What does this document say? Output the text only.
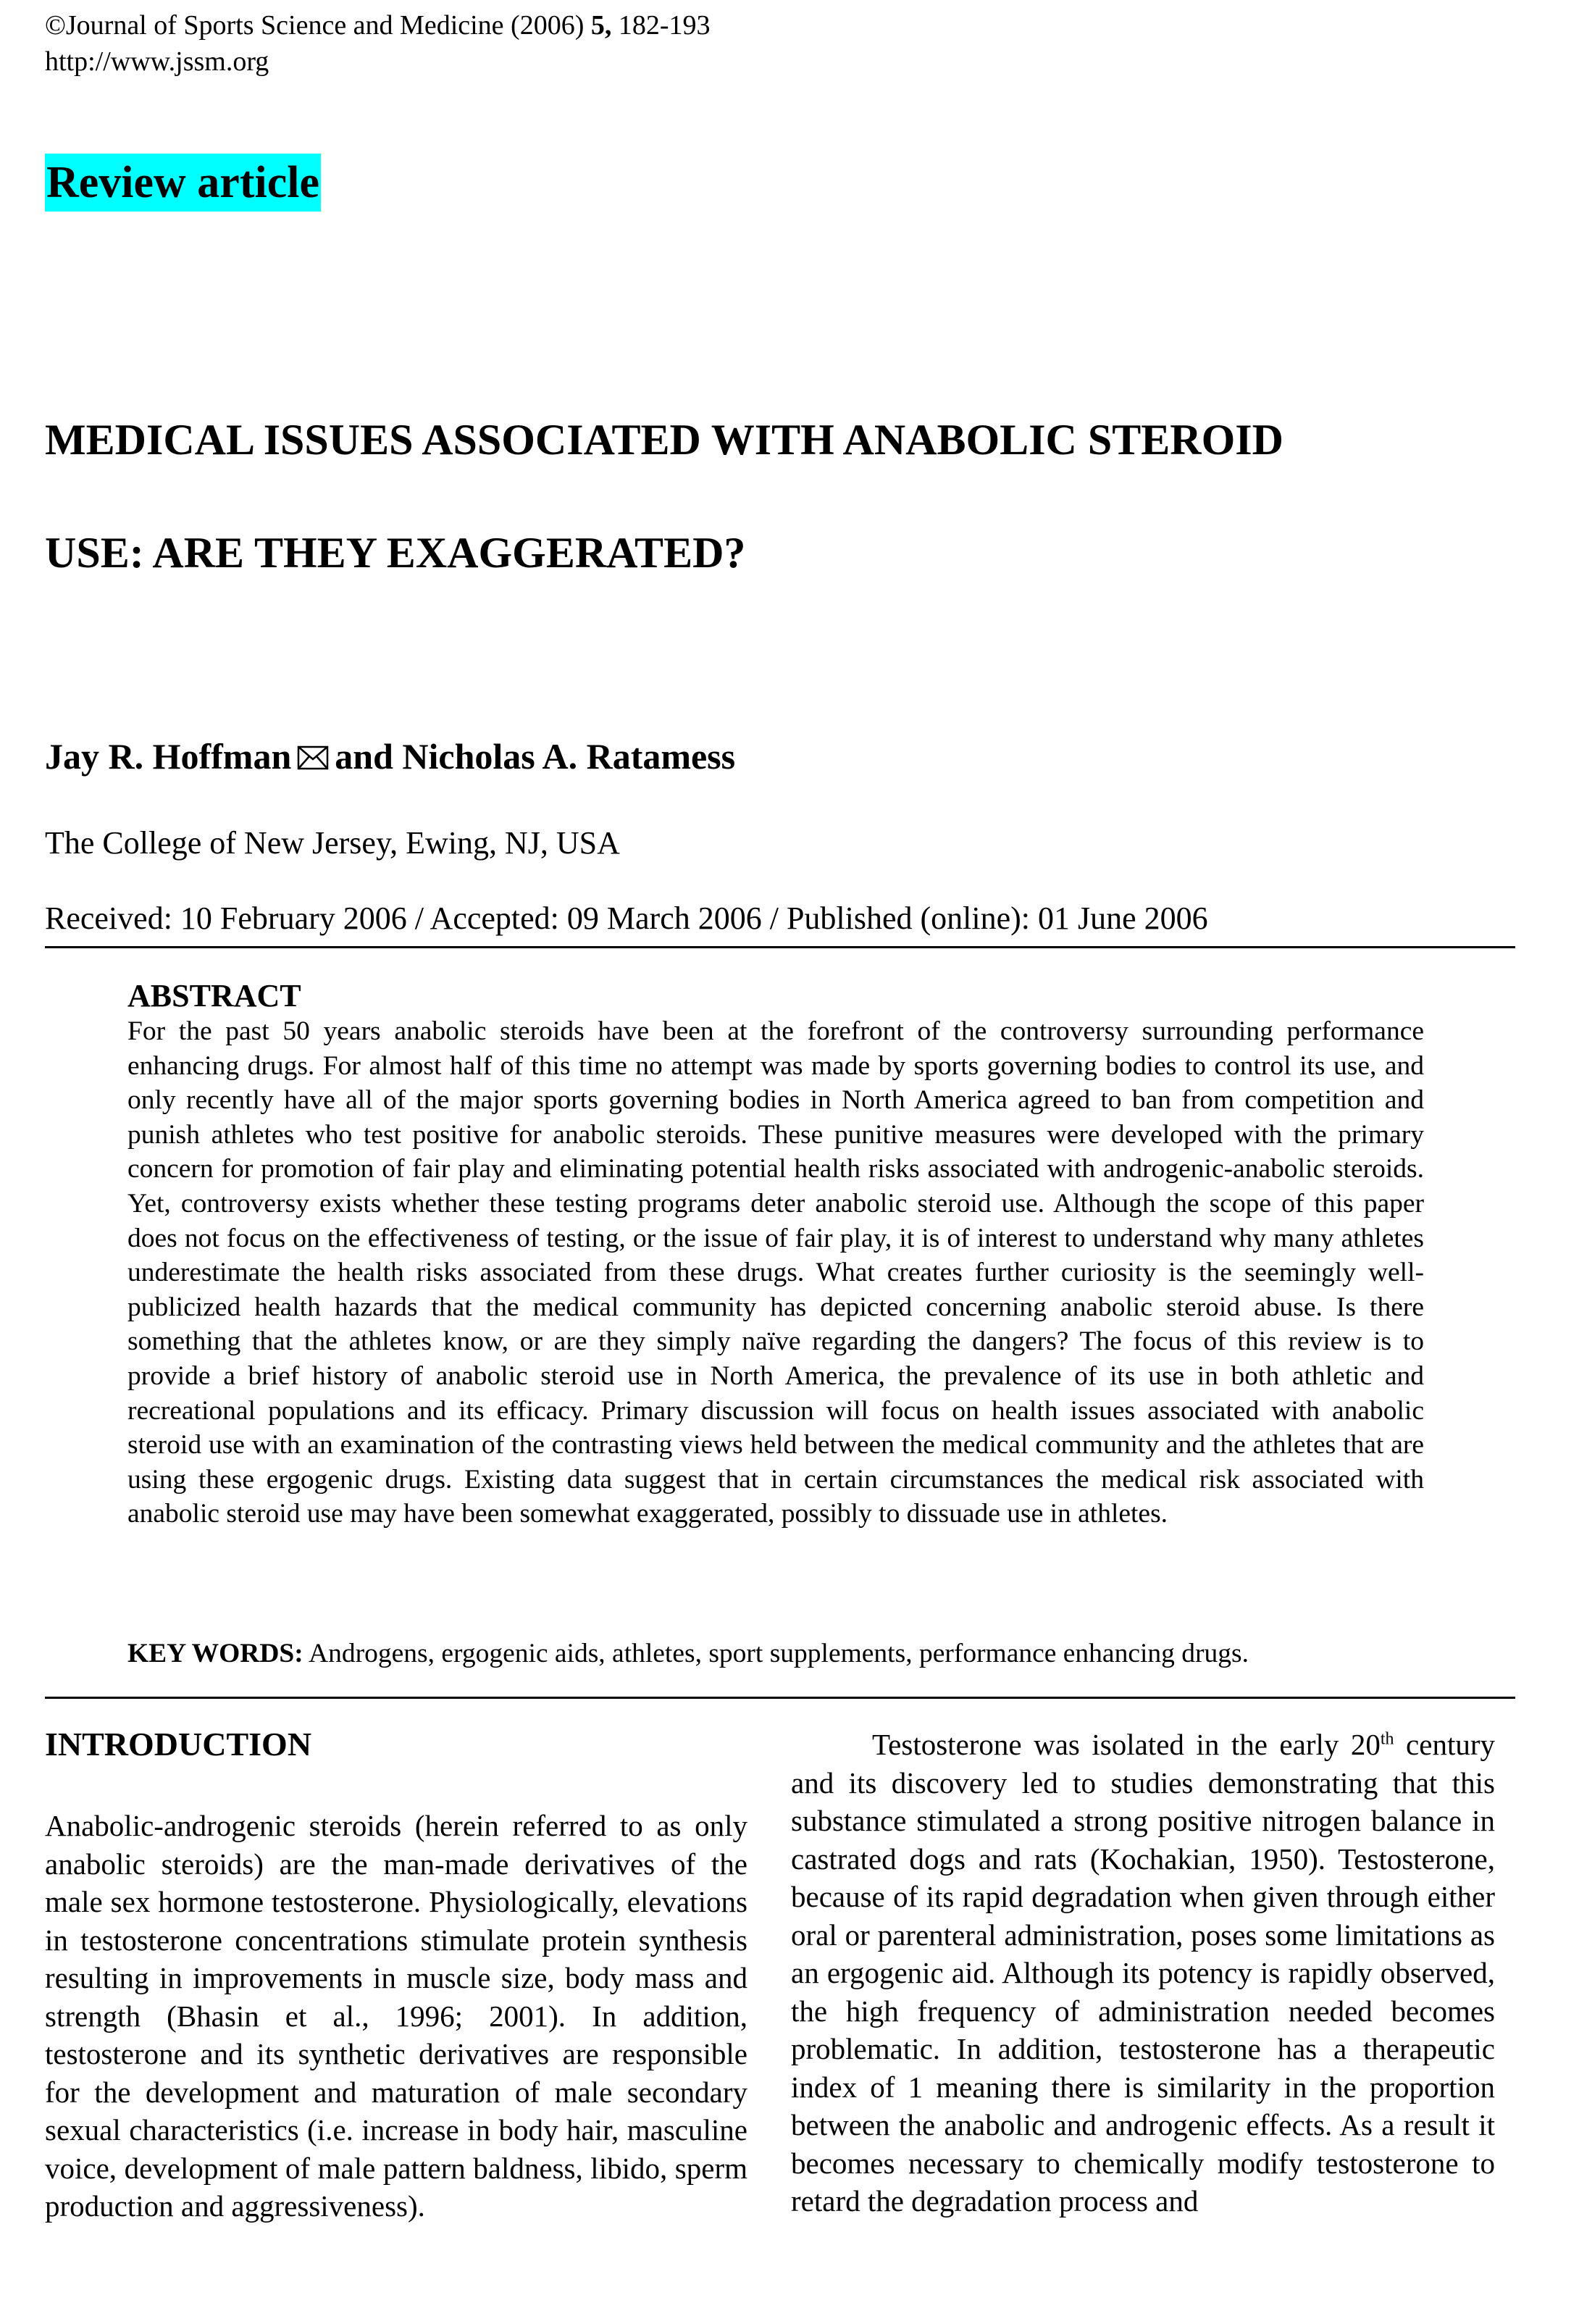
©Journal of Sports Science and Medicine (2006) 5, 182-193
http://www.jssm.org
Review article
MEDICAL ISSUES ASSOCIATED WITH ANABOLIC STEROID
USE: ARE THEY EXAGGERATED?
Jay R. Hoffman and Nicholas A. Ratamess
The College of New Jersey, Ewing, NJ, USA
Received: 10 February 2006 / Accepted: 09 March 2006 / Published (online): 01 June 2006
ABSTRACT

For the past 50 years anabolic steroids have been at the forefront of the controversy surrounding performance enhancing drugs. For almost half of this time no attempt was made by sports governing bodies to control its use, and only recently have all of the major sports governing bodies in North America agreed to ban from competition and punish athletes who test positive for anabolic steroids. These punitive measures were developed with the primary concern for promotion of fair play and eliminating potential health risks associated with androgenic-anabolic steroids. Yet, controversy exists whether these testing programs deter anabolic steroid use. Although the scope of this paper does not focus on the effectiveness of testing, or the issue of fair play, it is of interest to understand why many athletes underestimate the health risks associated from these drugs. What creates further curiosity is the seemingly well-publicized health hazards that the medical community has depicted concerning anabolic steroid abuse. Is there something that the athletes know, or are they simply naïve regarding the dangers? The focus of this review is to provide a brief history of anabolic steroid use in North America, the prevalence of its use in both athletic and recreational populations and its efficacy. Primary discussion will focus on health issues associated with anabolic steroid use with an examination of the contrasting views held between the medical community and the athletes that are using these ergogenic drugs. Existing data suggest that in certain circumstances the medical risk associated with anabolic steroid use may have been somewhat exaggerated, possibly to dissuade use in athletes.

KEY WORDS: Androgens, ergogenic aids, athletes, sport supplements, performance enhancing drugs.
INTRODUCTION

Anabolic-androgenic steroids (herein referred to as only anabolic steroids) are the man-made derivatives of the male sex hormone testosterone. Physiologically, elevations in testosterone concentrations stimulate protein synthesis resulting in improvements in muscle size, body mass and strength (Bhasin et al., 1996; 2001). In addition, testosterone and its synthetic derivatives are responsible for the development and maturation of male secondary sexual characteristics (i.e. increase in body hair, masculine voice, development of male pattern baldness, libido, sperm production and aggressiveness).

Testosterone was isolated in the early 20th century and its discovery led to studies demonstrating that this substance stimulated a strong positive nitrogen balance in castrated dogs and rats (Kochakian, 1950). Testosterone, because of its rapid degradation when given through either oral or parenteral administration, poses some limitations as an ergogenic aid. Although its potency is rapidly observed, the high frequency of administration needed becomes problematic. In addition, testosterone has a therapeutic index of 1 meaning there is similarity in the proportion between the anabolic and androgenic effects. As a result it becomes necessary to chemically modify testosterone to retard the degradation process and
